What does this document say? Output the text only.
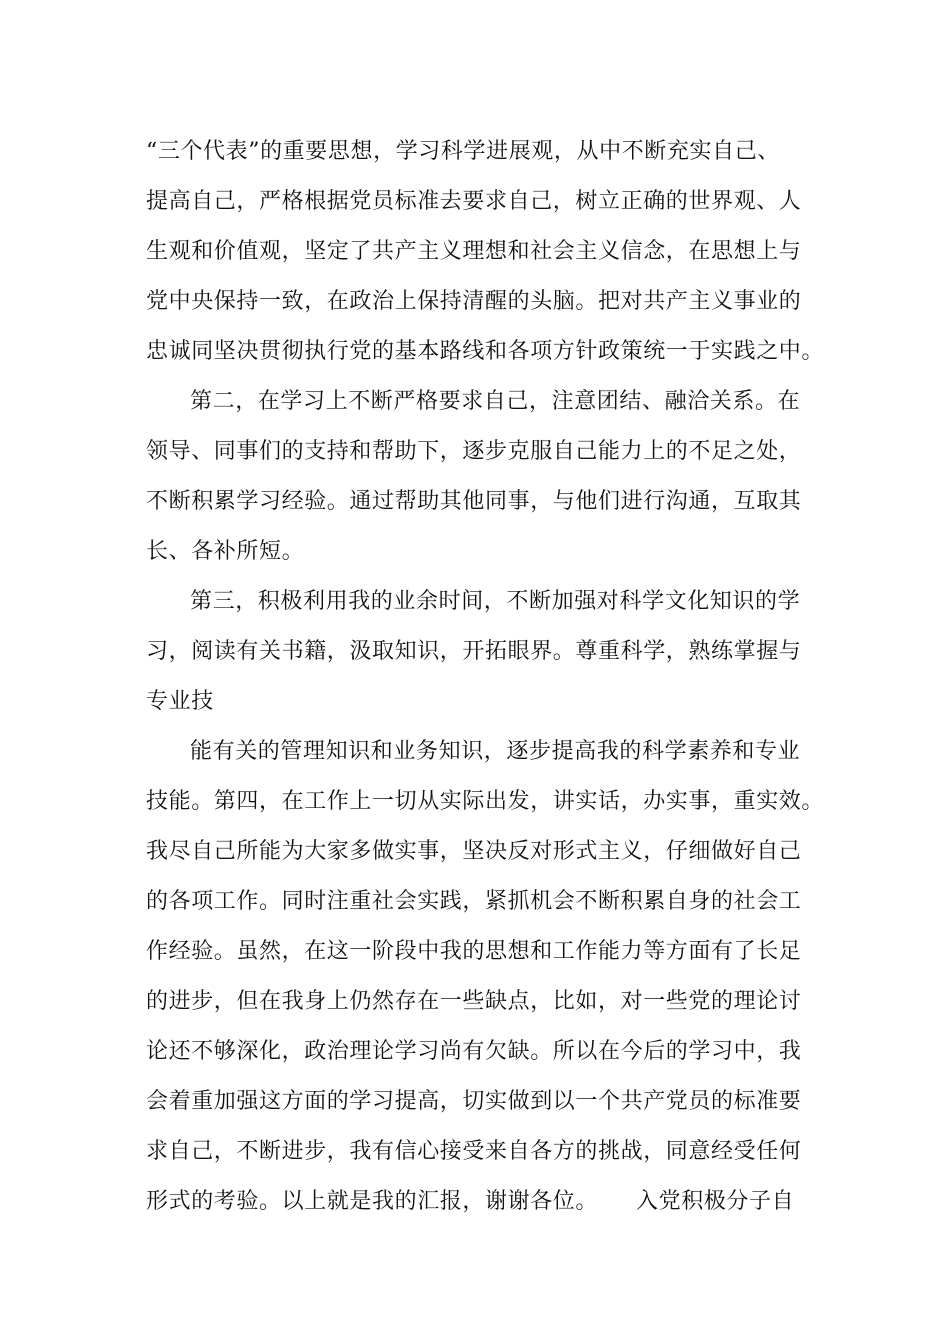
“三个代表”的重要思想，学习科学进展观，从中不断充实自己、
提高自己，严格根据党员标准去要求自己，树立正确的世界观、人
生观和价值观，坚定了共产主义理想和社会主义信念，在思想上与
党中央保持一致，在政治上保持清醒的头脑。把对共产主义事业的
忠诚同坚决贯彻执行党的基本路线和各项方针政策统一于实践之中。
第二，在学习上不断严格要求自己，注意团结、融洽关系。在
领导、同事们的支持和帮助下，逐步克服自己能力上的不足之处，
不断积累学习经验。通过帮助其他同事，与他们进行沟通，互取其
长、各补所短。
第三，积极利用我的业余时间，不断加强对科学文化知识的学
习，阅读有关书籍，汲取知识，开拓眼界。尊重科学，熟练掌握与
专业技
能有关的管理知识和业务知识，逐步提高我的科学素养和专业
技能。第四，在工作上一切从实际出发，讲实话，办实事，重实效。
我尽自己所能为大家多做实事，坚决反对形式主义，仔细做好自己
的各项工作。同时注重社会实践，紧抓机会不断积累自身的社会工
作经验。虽然，在这一阶段中我的思想和工作能力等方面有了长足
的进步，但在我身上仍然存在一些缺点，比如，对一些党的理论讨
论还不够深化，政治理论学习尚有欠缺。所以在今后的学习中，我
会着重加强这方面的学习提高，切实做到以一个共产党员的标准要
求自己，不断进步，我有信心接受来自各方的挑战，同意经受任何
形式的考验。以上就是我的汇报，谢谢各位。 入党积极分子自
